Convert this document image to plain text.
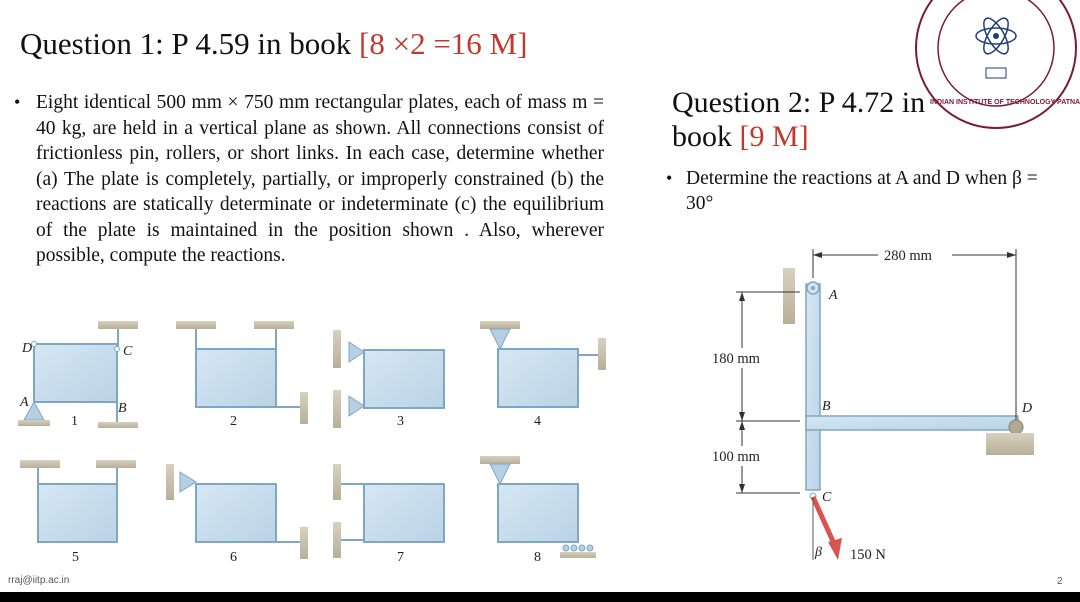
1	2	3	4
5	6	7	8
D	C
A	B
280 mm
180 mm
100 mm
150 N
A
B
C
D
β
INDIAN INSTITUTE OF TECHNOLOGY PATNA
Question 1: P 4.59 in book [8 ×2 =16 M]
• Eight identical 500 mm × 750 mm rectangular plates, each of mass m = 40 kg, are held in a vertical plane as shown. All connections consist of frictionless pin, rollers, or short links. In each case, determine whether (a) The plate is completely, partially, or improperly constrained (b) the reactions are statically determinate or indeterminate (c) the equilibrium of the plate is maintained in the position shown . Also, wherever possible, compute the reactions.
Question 2: P 4.72 in book [9 M]
• Determine the reactions at A and D when β = 30°
rraj@iitp.ac.in	2
